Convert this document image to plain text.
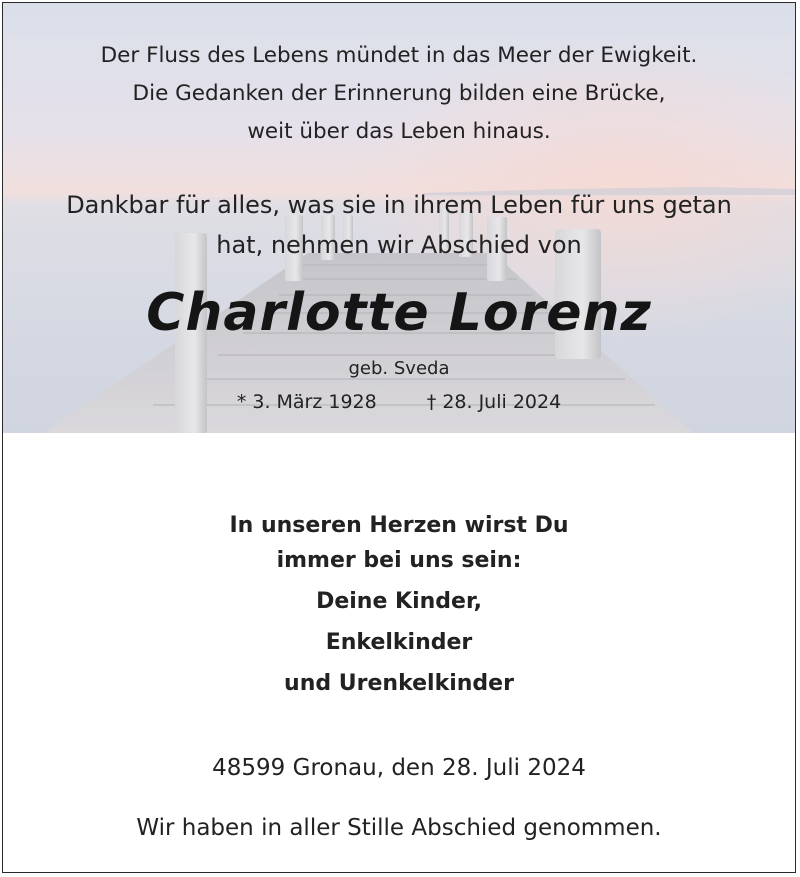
Der Fluss des Lebens mündet in das Meer der Ewigkeit.
Die Gedanken der Erinnerung bilden eine Brücke,
weit über das Leben hinaus.
Dankbar für alles, was sie in ihrem Leben für uns getan
hat, nehmen wir Abschied von
Charlotte Lorenz
geb. Sveda
* 3. März 1928	† 28. Juli 2024
In unseren Herzen wirst Du
immer bei uns sein:
Deine Kinder,
Enkelkinder
und Urenkelkinder
48599 Gronau, den 28. Juli 2024
Wir haben in aller Stille Abschied genommen.
